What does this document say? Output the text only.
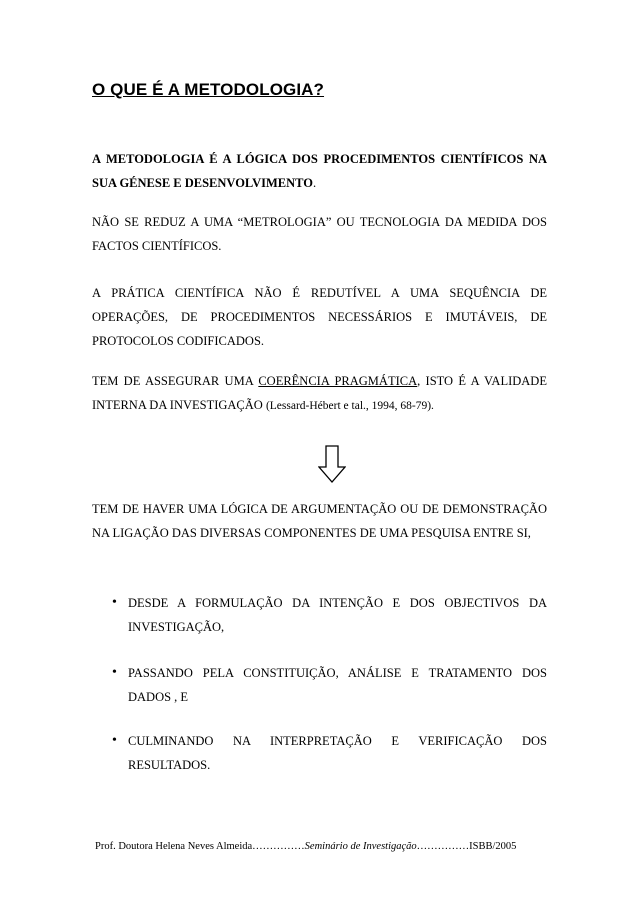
O QUE É A METODOLOGIA?
A METODOLOGIA É A LÓGICA DOS PROCEDIMENTOS CIENTÍFICOS NA SUA GÉNESE E DESENVOLVIMENTO.
NÃO SE REDUZ A UMA “METROLOGIA” OU TECNOLOGIA DA MEDIDA DOS FACTOS CIENTÍFICOS.
A PRÁTICA CIENTÍFICA NÃO É REDUTÍVEL A UMA SEQUÊNCIA DE OPERAÇÕES, DE PROCEDIMENTOS NECESSÁRIOS E IMUTÁVEIS, DE PROTOCOLOS CODIFICADOS.
TEM DE ASSEGURAR UMA COERÊNCIA PRAGMÁTICA, ISTO É A VALIDADE INTERNA DA INVESTIGAÇÃO (Lessard-Hébert e tal., 1994, 68-79).
TEM DE HAVER UMA LÓGICA DE ARGUMENTAÇÃO OU DE DEMONSTRAÇÃO NA LIGAÇÃO DAS DIVERSAS COMPONENTES DE UMA PESQUISA ENTRE SI,
• DESDE A FORMULAÇÃO DA INTENÇÃO E DOS OBJECTIVOS DA INVESTIGAÇÃO,
• PASSANDO PELA CONSTITUIÇÃO, ANÁLISE E TRATAMENTO DOS DADOS , E
• CULMINANDO NA INTERPRETAÇÃO E VERIFICAÇÃO DOS RESULTADOS.
Prof. Doutora Helena Neves Almeida……………Seminário de Investigação……………ISBB/2005
